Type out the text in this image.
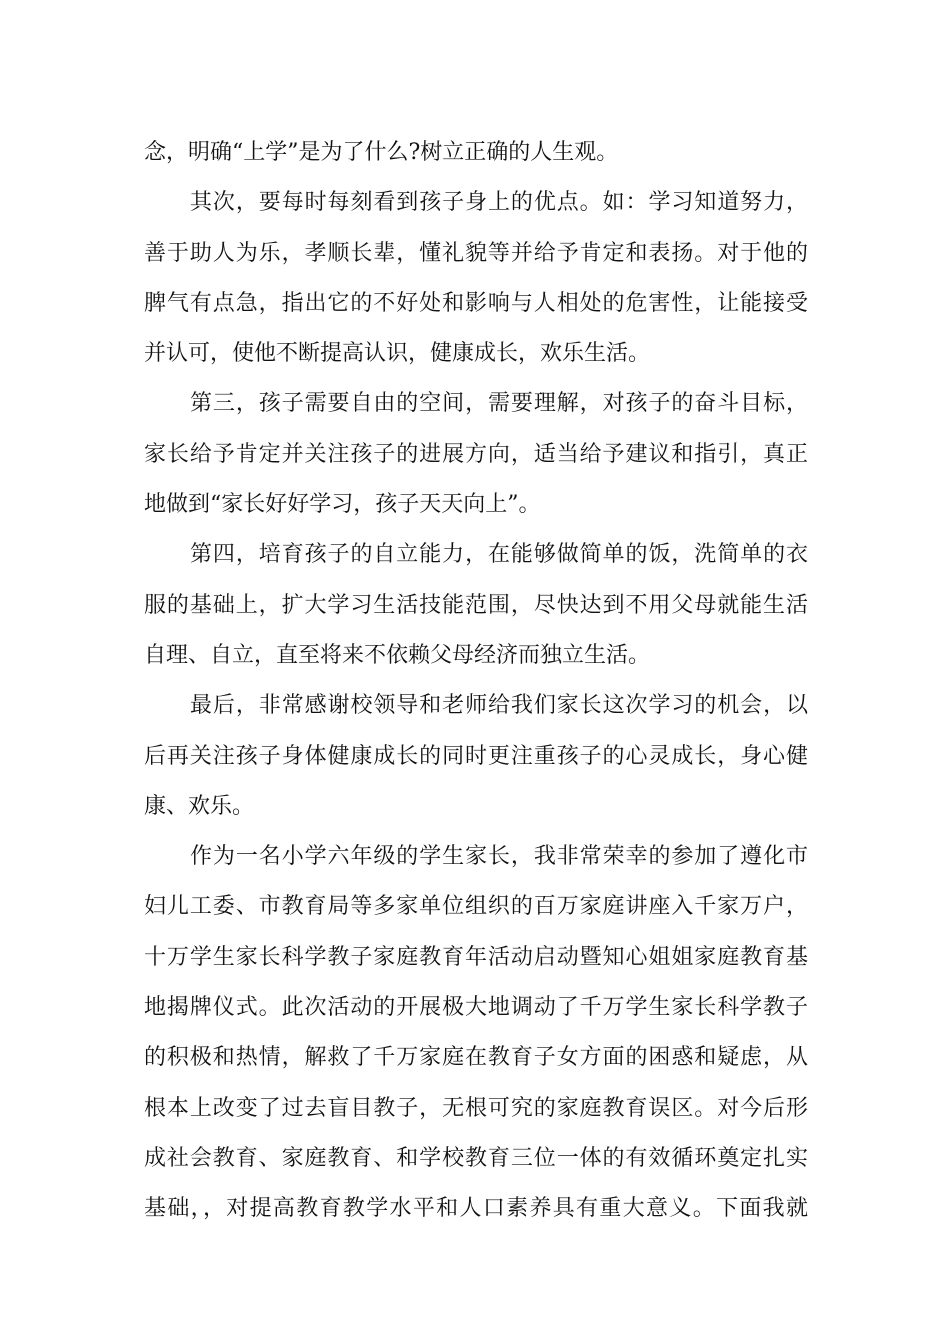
念，明确“上学”是为了什么?树立正确的人生观。
其次，要每时每刻看到孩子身上的优点。如：学习知道努力，
善于助人为乐，孝顺长辈，懂礼貌等并给予肯定和表扬。对于他的
脾气有点急，指出它的不好处和影响与人相处的危害性，让能接受
并认可，使他不断提高认识，健康成长，欢乐生活。
第三，孩子需要自由的空间，需要理解，对孩子的奋斗目标，
家长给予肯定并关注孩子的进展方向，适当给予建议和指引，真正
地做到“家长好好学习，孩子天天向上”。
第四，培育孩子的自立能力，在能够做简单的饭，洗简单的衣
服的基础上，扩大学习生活技能范围，尽快达到不用父母就能生活
自理、自立，直至将来不依赖父母经济而独立生活。
最后，非常感谢校领导和老师给我们家长这次学习的机会，以
后再关注孩子身体健康成长的同时更注重孩子的心灵成长，身心健
康、欢乐。
作为一名小学六年级的学生家长，我非常荣幸的参加了遵化市
妇儿工委、市教育局等多家单位组织的百万家庭讲座入千家万户，
十万学生家长科学教子家庭教育年活动启动暨知心姐姐家庭教育基
地揭牌仪式。此次活动的开展极大地调动了千万学生家长科学教子
的积极和热情，解救了千万家庭在教育子女方面的困惑和疑虑，从
根本上改变了过去盲目教子，无根可究的家庭教育误区。对今后形
成社会教育、家庭教育、和学校教育三位一体的有效循环奠定扎实
基础，，对提高教育教学水平和人口素养具有重大意义。下面我就
